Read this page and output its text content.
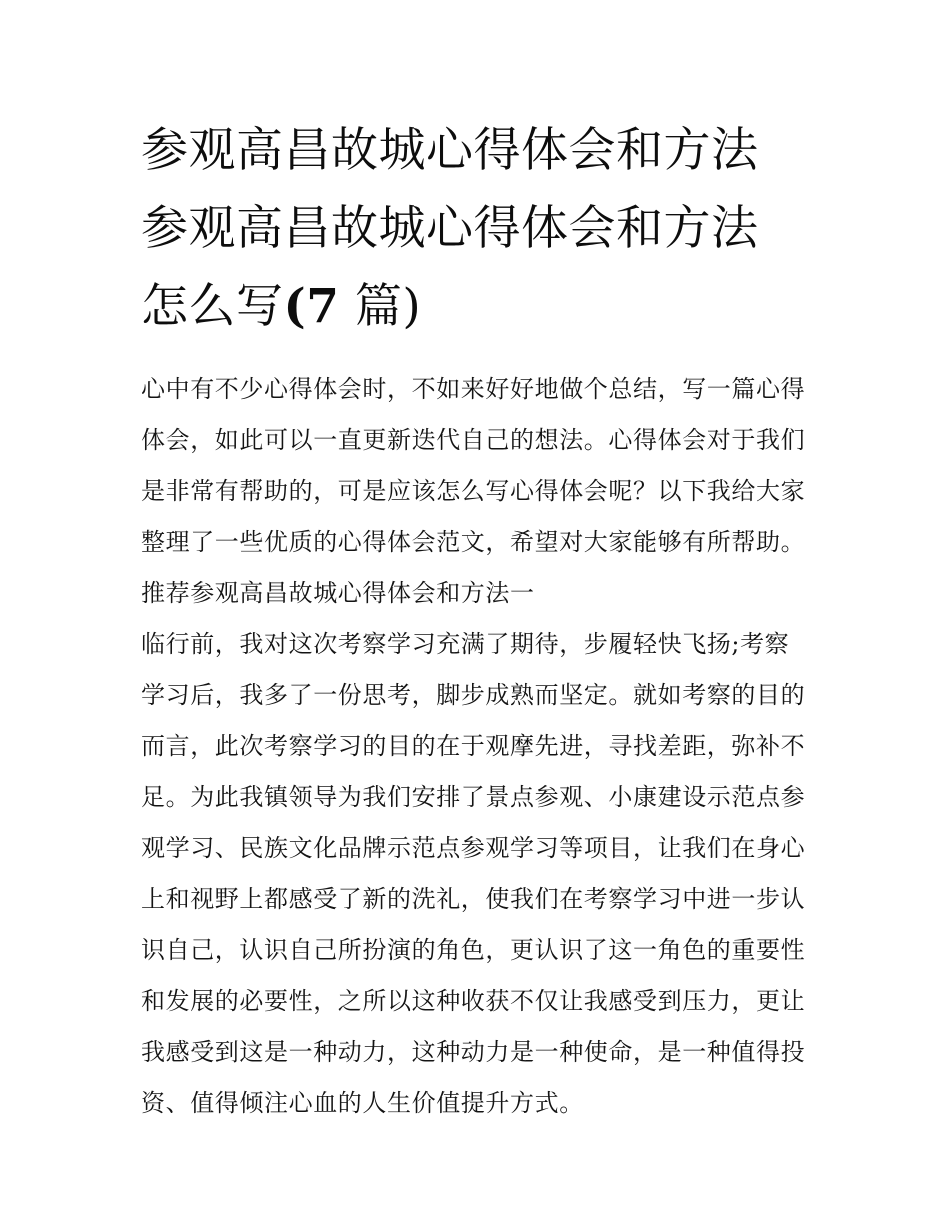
参观高昌故城心得体会和方法
参观高昌故城心得体会和方法
怎么写(7 篇)
心中有不少心得体会时，不如来好好地做个总结，写一篇心得
体会，如此可以一直更新迭代自己的想法。心得体会对于我们
是非常有帮助的，可是应该怎么写心得体会呢？以下我给大家
整理了一些优质的心得体会范文，希望对大家能够有所帮助。
推荐参观高昌故城心得体会和方法一
临行前，我对这次考察学习充满了期待，步履轻快飞扬;考察
学习后，我多了一份思考，脚步成熟而坚定。就如考察的目的
而言，此次考察学习的目的在于观摩先进，寻找差距，弥补不
足。为此我镇领导为我们安排了景点参观、小康建设示范点参
观学习、民族文化品牌示范点参观学习等项目，让我们在身心
上和视野上都感受了新的洗礼，使我们在考察学习中进一步认
识自己，认识自己所扮演的角色，更认识了这一角色的重要性
和发展的必要性，之所以这种收获不仅让我感受到压力，更让
我感受到这是一种动力，这种动力是一种使命，是一种值得投
资、值得倾注心血的人生价值提升方式。
